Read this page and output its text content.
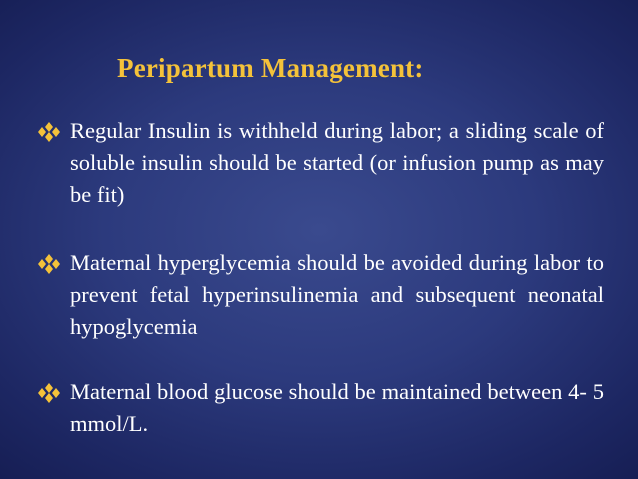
Peripartum Management:
Regular Insulin is withheld during labor; a sliding scale of soluble insulin should be started (or infusion pump as may be fit)
Maternal hyperglycemia should be avoided during labor to prevent fetal hyperinsulinemia and subsequent neonatal hypoglycemia
Maternal blood glucose should be maintained between 4- 5 mmol/L.
